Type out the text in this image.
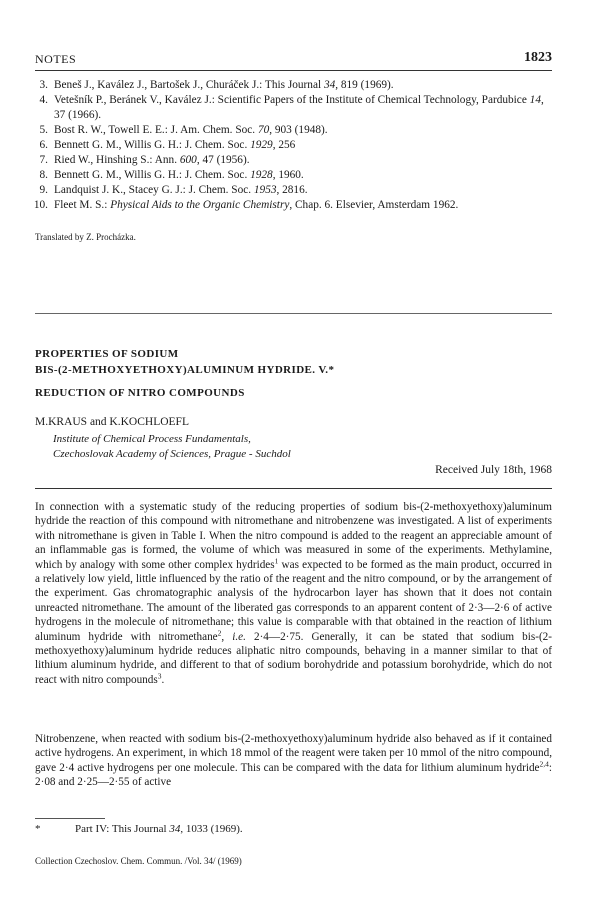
NOTES	1823
3. Beneš J., Kavález J., Bartošek J., Churáček J.: This Journal 34, 819 (1969).
4. Vetešník P., Beránek V., Kavález J.: Scientific Papers of the Institute of Chemical Technology, Pardubice 14, 37 (1966).
5. Bost R. W., Towell E. E.: J. Am. Chem. Soc. 70, 903 (1948).
6. Bennett G. M., Willis G. H.: J. Chem. Soc. 1929, 256
7. Ried W., Hinshing S.: Ann. 600, 47 (1956).
8. Bennett G. M., Willis G. H.: J. Chem. Soc. 1928, 1960.
9. Landquist J. K., Stacey G. J.: J. Chem. Soc. 1953, 2816.
10. Fleet M. S.: Physical Aids to the Organic Chemistry, Chap. 6. Elsevier, Amsterdam 1962.
Translated by Z. Procházka.
PROPERTIES OF SODIUM
BIS-(2-METHOXYETHOXY)ALUMINUM HYDRIDE. V.*
REDUCTION OF NITRO COMPOUNDS
M.KRAUS and K.KOCHLOEFL
Institute of Chemical Process Fundamentals,
Czechoslovak Academy of Sciences, Prague - Suchdol
Received July 18th, 1968

In connection with a systematic study of the reducing properties of sodium bis-(2-methoxyethoxy)aluminum hydride the reaction of this compound with nitromethane and nitrobenzene was investigated. A list of experiments with nitromethane is given in Table I. When the nitro compound is added to the reagent an appreciable amount of an inflammable gas is formed, the volume of which was measured in some of the experiments. Methylamine, which by analogy with some other complex hydrides$^1$ was expected to be formed as the main product, occurred in a relatively low yield, little influenced by the ratio of the reagent and the nitro compound, or by the arrangement of the experiment. Gas chromatographic analysis of the hydrocarbon layer has shown that it does not contain unreacted nitromethane. The amount of the liberated gas corresponds to an apparent content of 2·3—2·6 of active hydrogens in the molecule of nitromethane; this value is comparable with that obtained in the reaction of lithium aluminum hydride with nitromethane$^2$, i.e. 2·4—2·75. Generally, it can be stated that sodium bis-(2-methoxyethoxy)aluminum hydride reduces aliphatic nitro compounds, behaving in a manner similar to that of lithium aluminum hydride, and different to that of sodium borohydride and potassium borohydride, which do not react with nitro compounds$^3$.

Nitrobenzene, when reacted with sodium bis-(2-methoxyethoxy)aluminum hydride also behaved as if it contained active hydrogens. An experiment, in which 18 mmol of the reagent were taken per 10 mmol of the nitro compound, gave 2·4 active hydrogens per one molecule. This can be compared with the data for lithium aluminum hydride$^{2,4}$: 2·08 and 2·25—2·55 of active

*	Part IV: This Journal 34, 1033 (1969).
Collection Czechoslov. Chem. Commun. /Vol. 34/ (1969)
